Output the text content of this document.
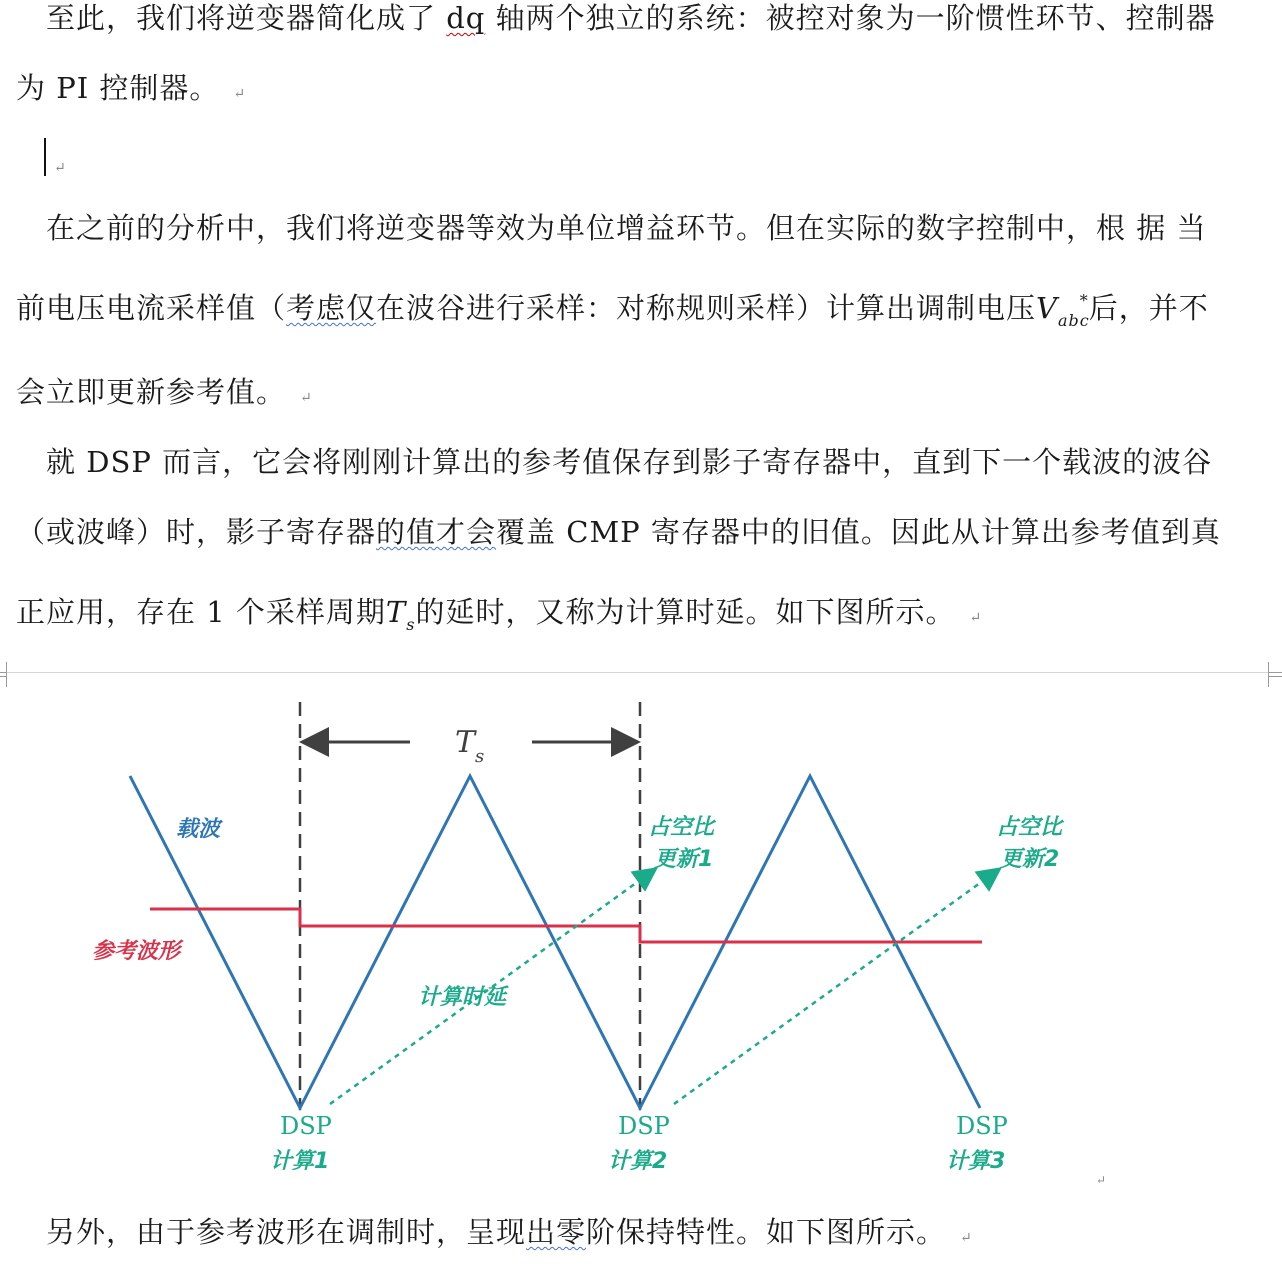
至此，我们将逆变器简化成了 dq 轴两个独立的系统：被控对象为一阶惯性环节、控制器
为 PI 控制器。 ↵
↵
在之前的分析中，我们将逆变器等效为单位增益环节。但在实际的数字控制中，根 据 当
前电压电流采样值（考虑仅在波谷进行采样：对称规则采样）计算出调制电压$V_{abc}^*$后，并不
会立即更新参考值。 ↵
就 DSP 而言，它会将刚刚计算出的参考值保存到影子寄存器中，直到下一个载波的波谷
（或波峰）时，影子寄存器的值才会覆盖 CMP 寄存器中的旧值。因此从计算出参考值到真
正应用，存在 1 个采样周期$T_s$的延时，又称为计算时延。如下图所示。 ↵
$T_s$
载波
参考波形
计算时延
占空比
更新1
占空比
更新2
DSP
计算1
DSP
计算2
DSP
计算3
↵
另外，由于参考波形在调制时，呈现出零阶保持特性。如下图所示。 ↵
